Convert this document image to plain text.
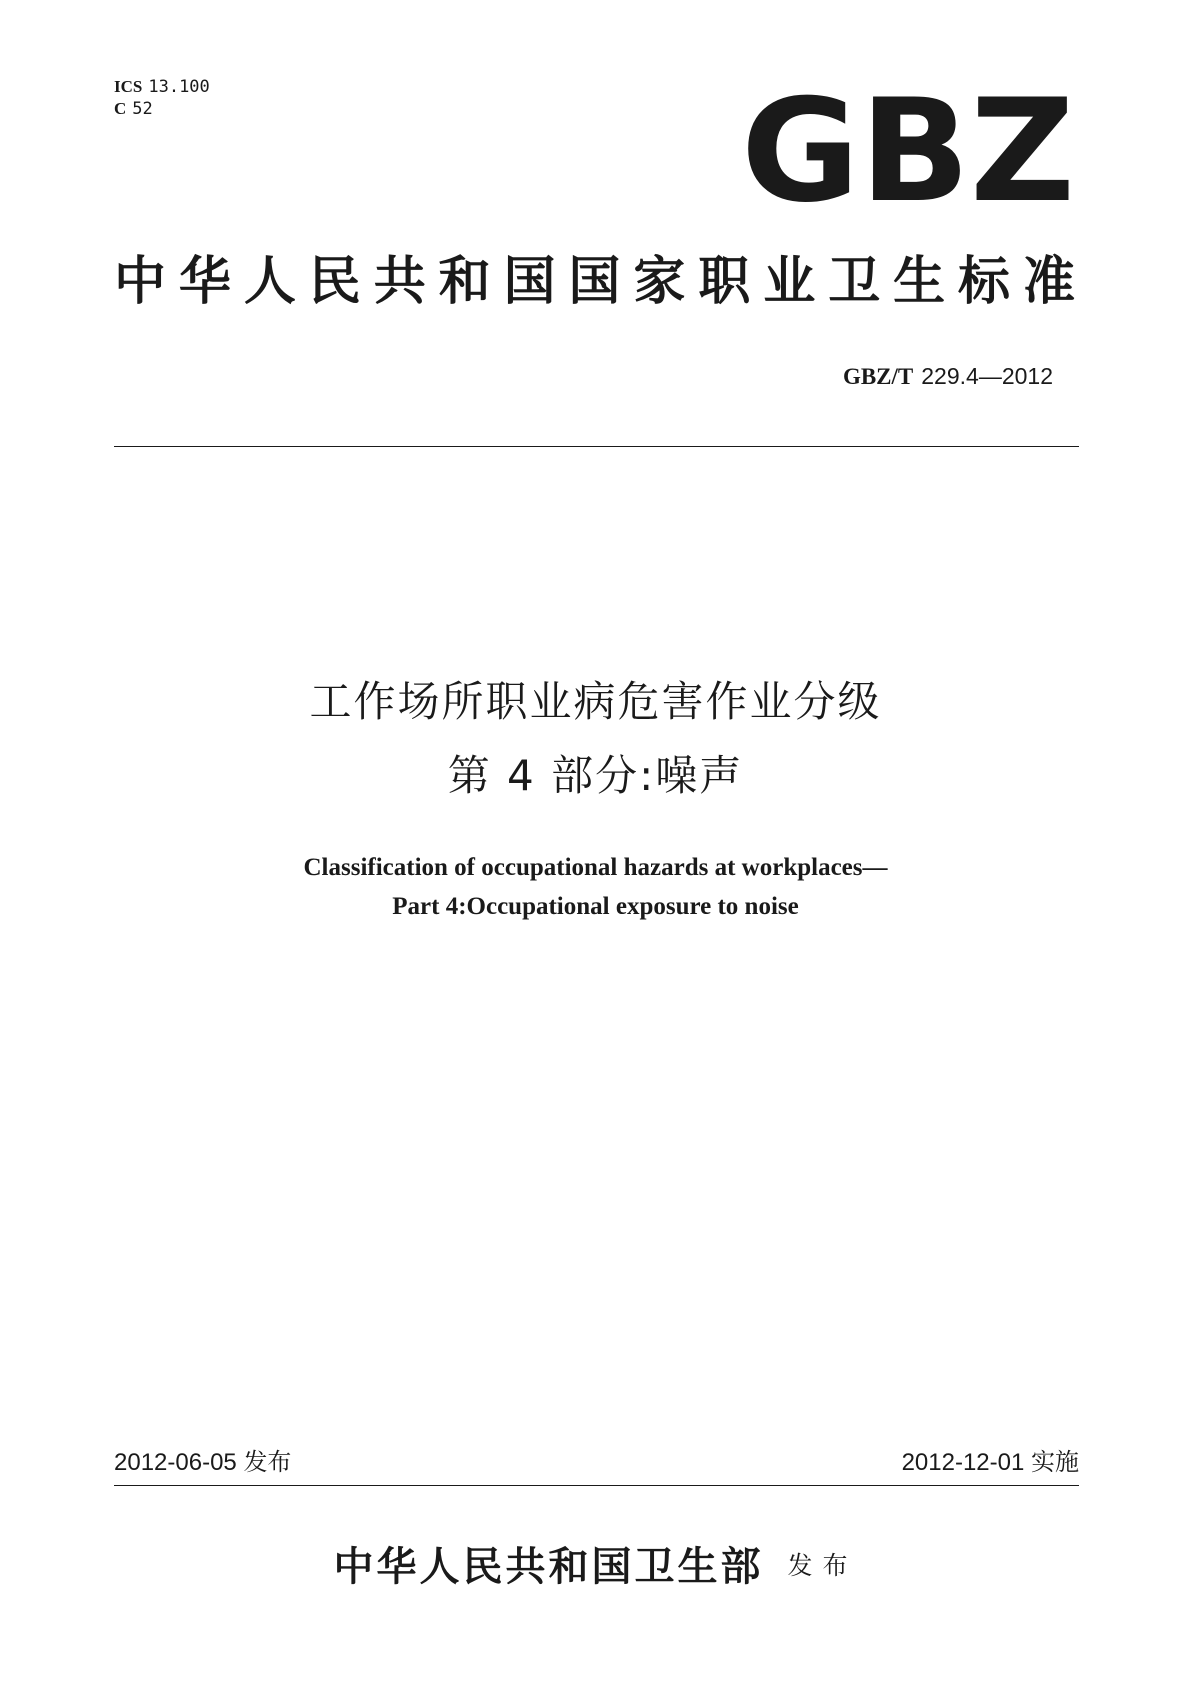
ICS 13.100
C 52	GBZ
中华人民共和国国家职业卫生标准
GBZ/T 229.4—2012
工作场所职业病危害作业分级
第 4 部分:噪声
Classification of occupational hazards at workplaces—
Part 4:Occupational exposure to noise
2012-06-05 发布	2012-12-01 实施
中华人民共和国卫生部 发布
